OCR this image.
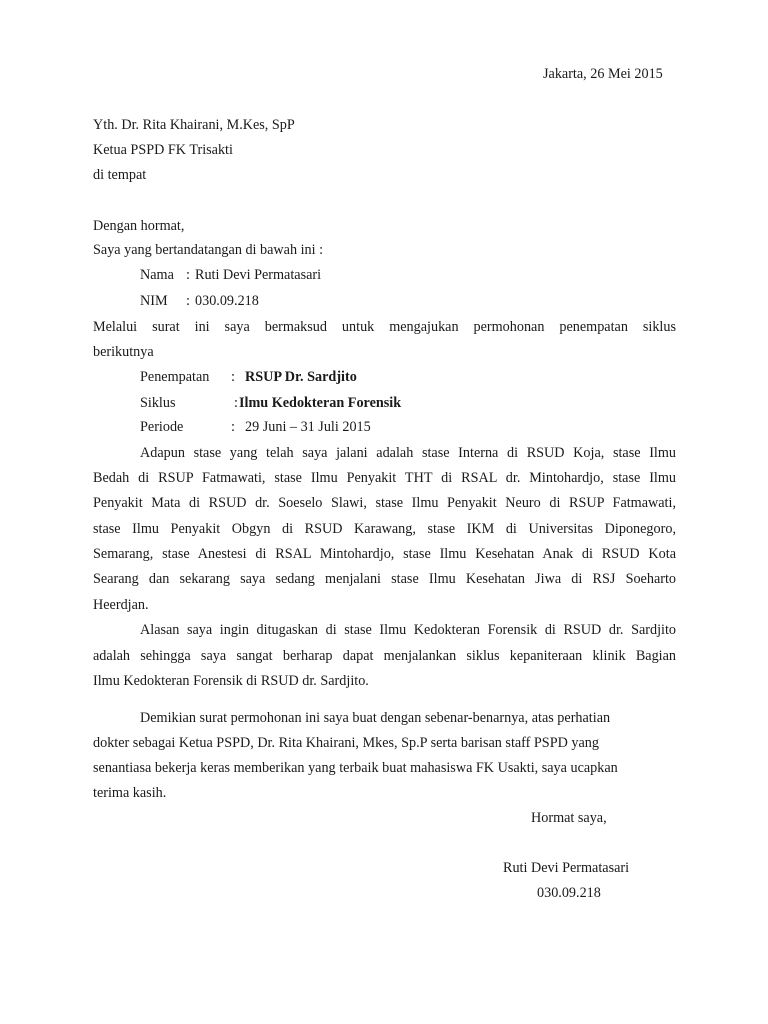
Jakarta, 26 Mei 2015
Yth. Dr. Rita Khairani, M.Kes, SpP
Ketua PSPD FK Trisakti
di tempat
Dengan hormat,
Saya yang bertandatangan di bawah ini :
Nama : Ruti Devi Permatasari
NIM : 030.09.218
Melalui surat ini saya bermaksud untuk mengajukan permohonan penempatan siklus
berikutnya
Penempatan : RSUP Dr. Sardjito
Siklus	: Ilmu Kedokteran Forensik
Periode	: 29 Juni – 31 Juli 2015
Adapun stase yang telah saya jalani adalah stase Interna di RSUD Koja, stase Ilmu
Bedah di RSUP Fatmawati, stase Ilmu Penyakit THT di RSAL dr. Mintohardjo, stase Ilmu
Penyakit Mata di RSUD dr. Soeselo Slawi, stase Ilmu Penyakit Neuro di RSUP Fatmawati,
stase Ilmu Penyakit Obgyn di RSUD Karawang, stase IKM di Universitas Diponegoro,
Semarang, stase Anestesi di RSAL Mintohardjo, stase Ilmu Kesehatan Anak di RSUD Kota
Searang dan sekarang saya sedang menjalani stase Ilmu Kesehatan Jiwa di RSJ Soeharto
Heerdjan.
Alasan saya ingin ditugaskan di stase Ilmu Kedokteran Forensik di RSUD dr. Sardjito
adalah sehingga saya sangat berharap dapat menjalankan siklus kepaniteraan klinik Bagian
Ilmu Kedokteran Forensik di RSUD dr. Sardjito.
Demikian surat permohonan ini saya buat dengan sebenar-benarnya, atas perhatian
dokter sebagai Ketua PSPD, Dr. Rita Khairani, Mkes, Sp.P serta barisan staff PSPD yang
senantiasa bekerja keras memberikan yang terbaik buat mahasiswa FK Usakti, saya ucapkan
terima kasih.
Hormat saya,
Ruti Devi Permatasari
030.09.218
